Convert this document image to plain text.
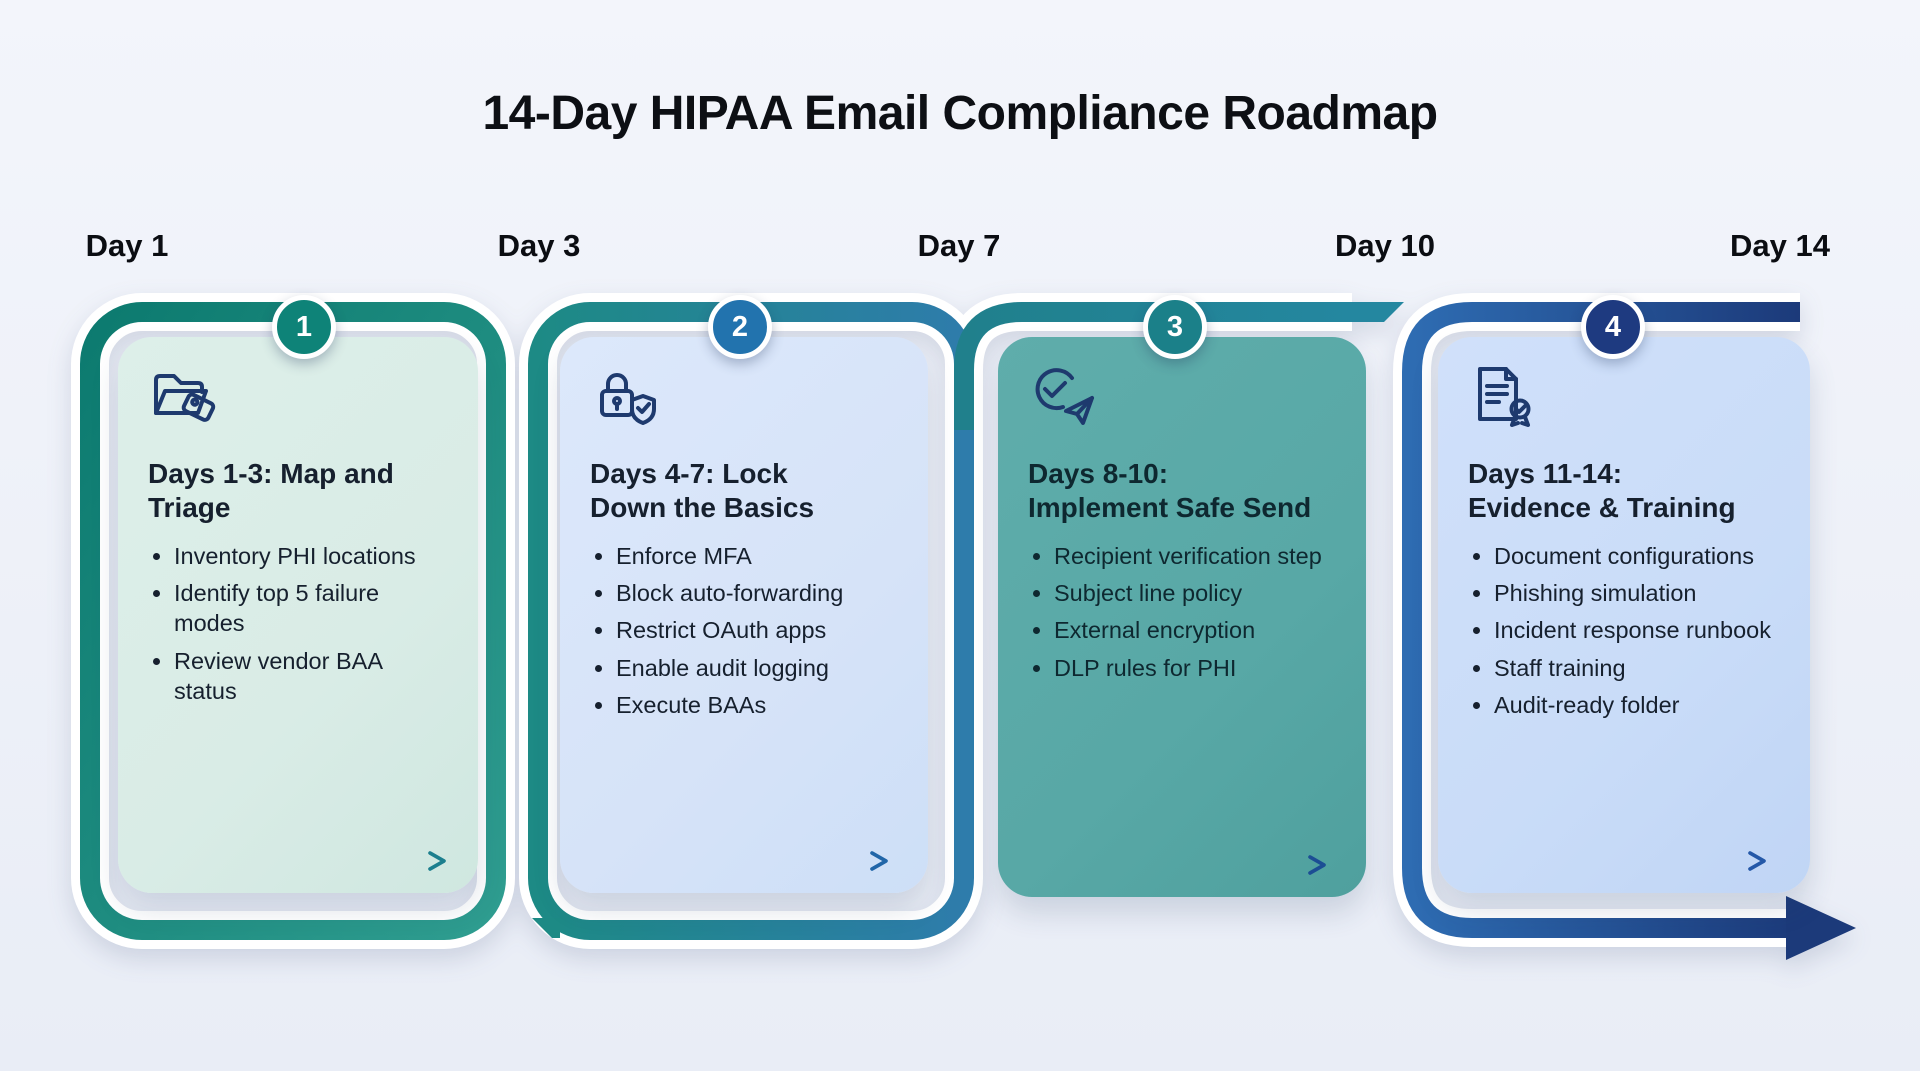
14-Day HIPAA Email Compliance Roadmap
Day 1	Day 3	Day 7	Day 10	Day 14
Days 1-3: Map and
Triage
• Inventory PHI locations
• Identify top 5 failure modes
• Review vendor BAA status
Days 4-7: Lock
Down the Basics
• Enforce MFA
• Block auto-forwarding
• Restrict OAuth apps
• Enable audit logging
• Execute BAAs
Days 8-10:
Implement Safe Send
• Recipient verification step
• Subject line policy
• External encryption
• DLP rules for PHI
Days 11-14:
Evidence & Training
• Document configurations
• Phishing simulation
• Incident response runbook
• Staff training
• Audit-ready folder
1	2	3	4
